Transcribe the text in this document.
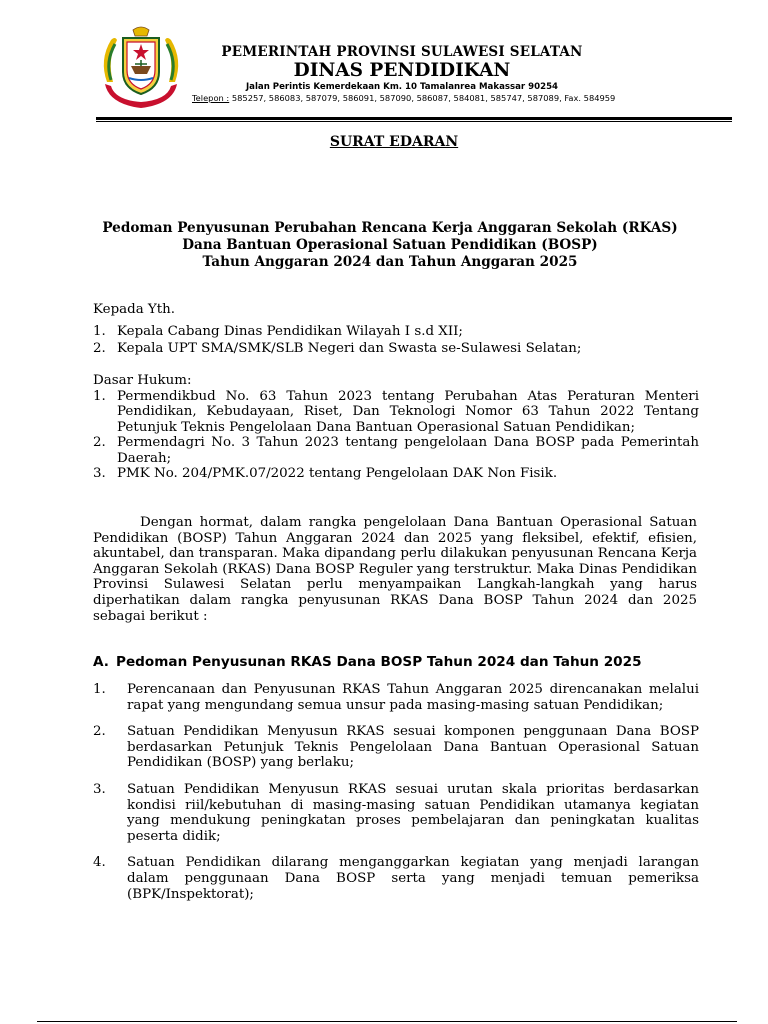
PEMERINTAH PROVINSI SULAWESI SELATAN
DINAS PENDIDIKAN
Jalan Perintis Kemerdekaan Km. 10 Tamalanrea Makassar 90254
Telepon : 585257, 586083, 587079, 586091, 587090, 586087, 584081, 585747, 587089, Fax. 584959
SURAT EDARAN
Pedoman Penyusunan Perubahan Rencana Kerja Anggaran Sekolah (RKAS)
Dana Bantuan Operasional Satuan Pendidikan (BOSP)
Tahun Anggaran 2024 dan Tahun Anggaran 2025
Kepada Yth.
1. Kepala Cabang Dinas Pendidikan Wilayah I s.d XII;
2. Kepala UPT SMA/SMK/SLB Negeri dan Swasta se-Sulawesi Selatan;
Dasar Hukum:
1. Permendikbud No. 63 Tahun 2023 tentang Perubahan Atas Peraturan Menteri Pendidikan, Kebudayaan, Riset, Dan Teknologi Nomor 63 Tahun 2022 Tentang Petunjuk Teknis Pengelolaan Dana Bantuan Operasional Satuan Pendidikan;
2. Permendagri No. 3 Tahun 2023 tentang pengelolaan Dana BOSP pada Pemerintah Daerah;
3. PMK No. 204/PMK.07/2022 tentang Pengelolaan DAK Non Fisik.
Dengan hormat, dalam rangka pengelolaan Dana Bantuan Operasional Satuan Pendidikan (BOSP) Tahun Anggaran 2024 dan 2025 yang fleksibel, efektif, efisien, akuntabel, dan transparan. Maka dipandang perlu dilakukan penyusunan Rencana Kerja Anggaran Sekolah (RKAS) Dana BOSP Reguler yang terstruktur. Maka Dinas Pendidikan Provinsi Sulawesi Selatan perlu menyampaikan Langkah-langkah yang harus diperhatikan dalam rangka penyusunan RKAS Dana BOSP Tahun 2024 dan 2025 sebagai berikut :
A. Pedoman Penyusunan RKAS Dana BOSP Tahun 2024 dan Tahun 2025
1. Perencanaan dan Penyusunan RKAS Tahun Anggaran 2025 direncanakan melalui rapat yang mengundang semua unsur pada masing-masing satuan Pendidikan;
2. Satuan Pendidikan Menyusun RKAS sesuai komponen penggunaan Dana BOSP berdasarkan Petunjuk Teknis Pengelolaan Dana Bantuan Operasional Satuan Pendidikan (BOSP) yang berlaku;
3. Satuan Pendidikan Menyusun RKAS sesuai urutan skala prioritas berdasarkan kondisi riil/kebutuhan di masing-masing satuan Pendidikan utamanya kegiatan yang mendukung peningkatan proses pembelajaran dan peningkatan kualitas peserta didik;
4. Satuan Pendidikan dilarang menganggarkan kegiatan yang menjadi larangan dalam penggunaan Dana BOSP serta yang menjadi temuan pemeriksa (BPK/Inspektorat);
